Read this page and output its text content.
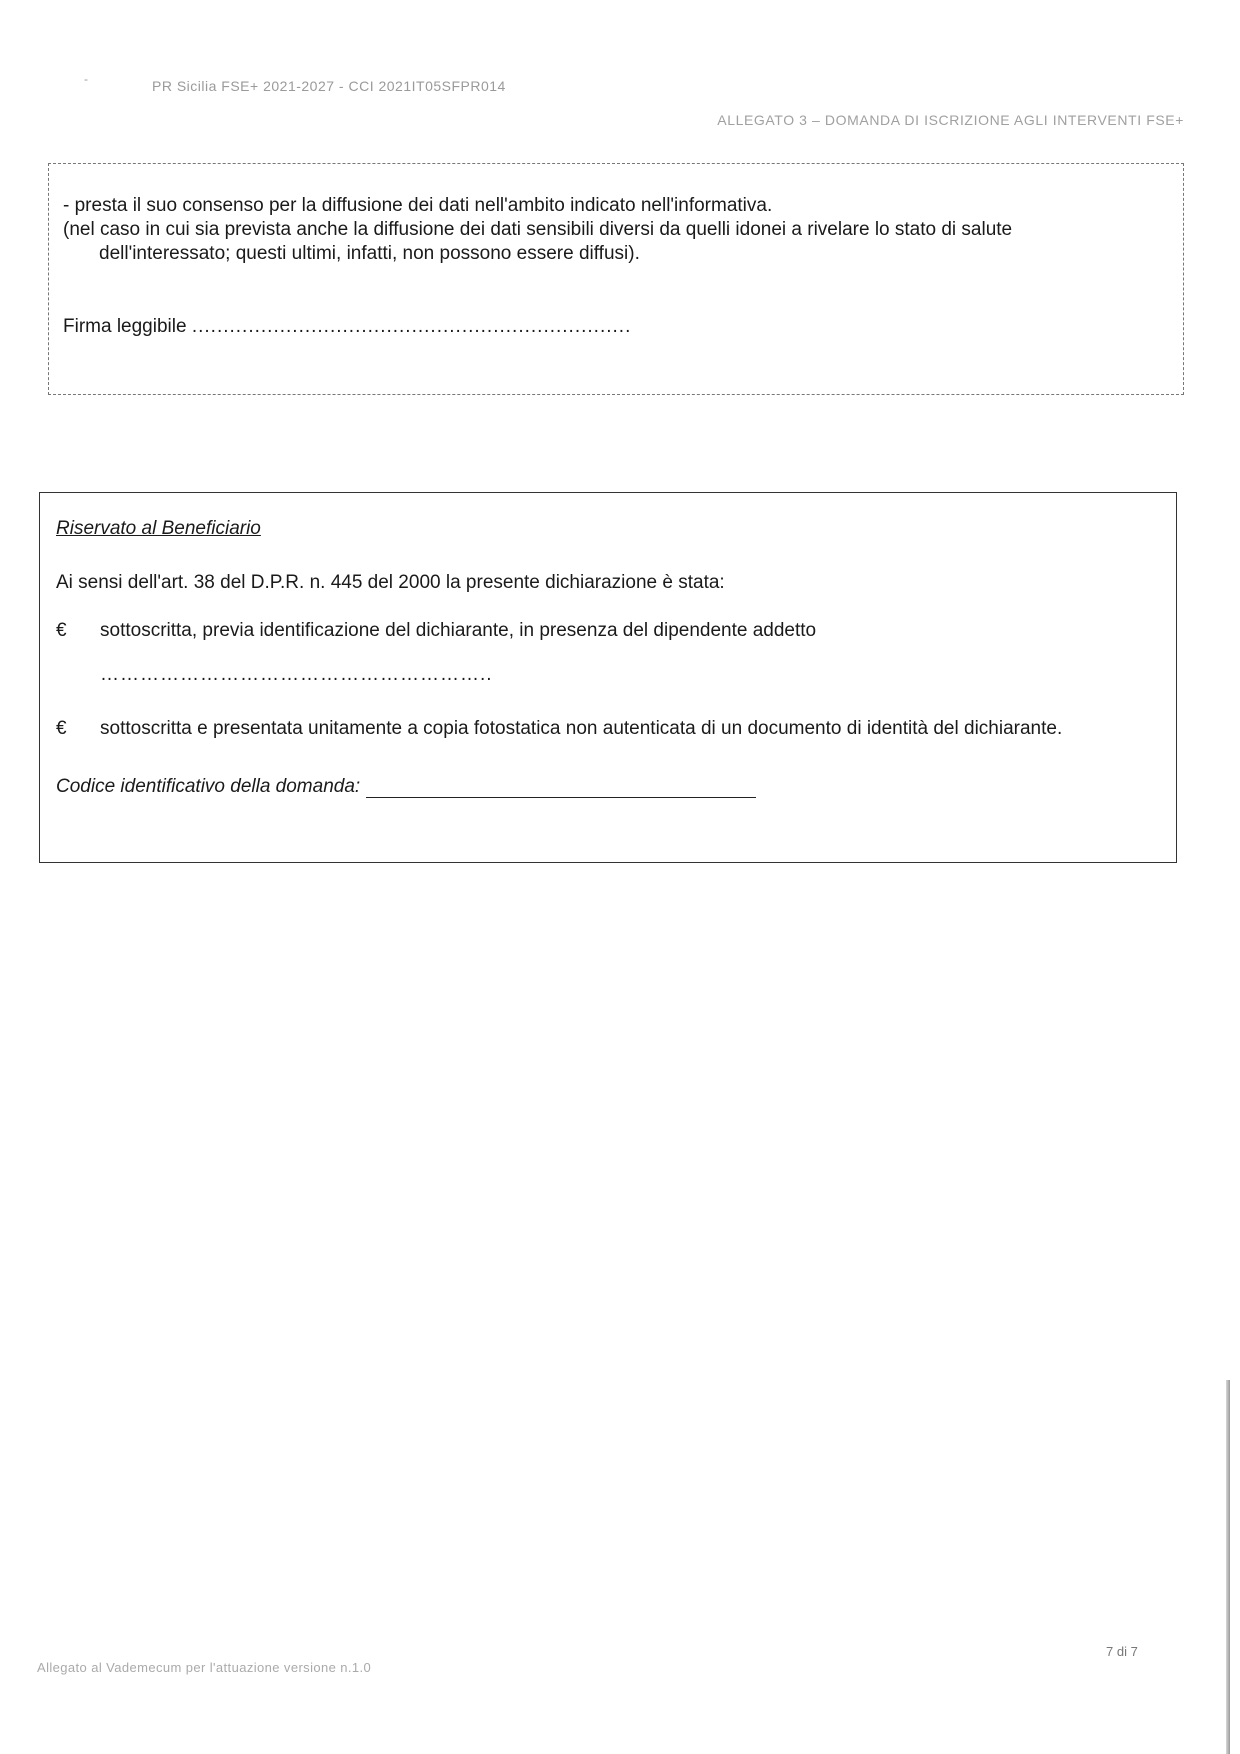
-	PR Sicilia FSE+ 2021-2027 - CCI 2021IT05SFPR014
ALLEGATO 3 – DOMANDA DI ISCRIZIONE AGLI INTERVENTI FSE+

- presta il suo consenso per la diffusione dei dati nell'ambito indicato nell'informativa.

(nel caso in cui sia prevista anche la diffusione dei dati sensibili diversi da quelli idonei a rivelare lo stato di salute
dell'interessato; questi ultimi, infatti, non possono essere diffusi).

Firma leggibile ......................................................................

Riservato al Beneficiario

Ai sensi dell'art. 38 del D.P.R. n. 445 del 2000 la presente dichiarazione è stata:

€	sottoscritta, previa identificazione del dichiarante, in presenza del dipendente addetto
…………………………………………………..
€	sottoscritta e presentata unitamente a copia fotostatica non autenticata di un documento di identità del dichiarante.
Codice identificativo della domanda:
Allegato al Vademecum per l'attuazione versione n.1.0
7 di 7
